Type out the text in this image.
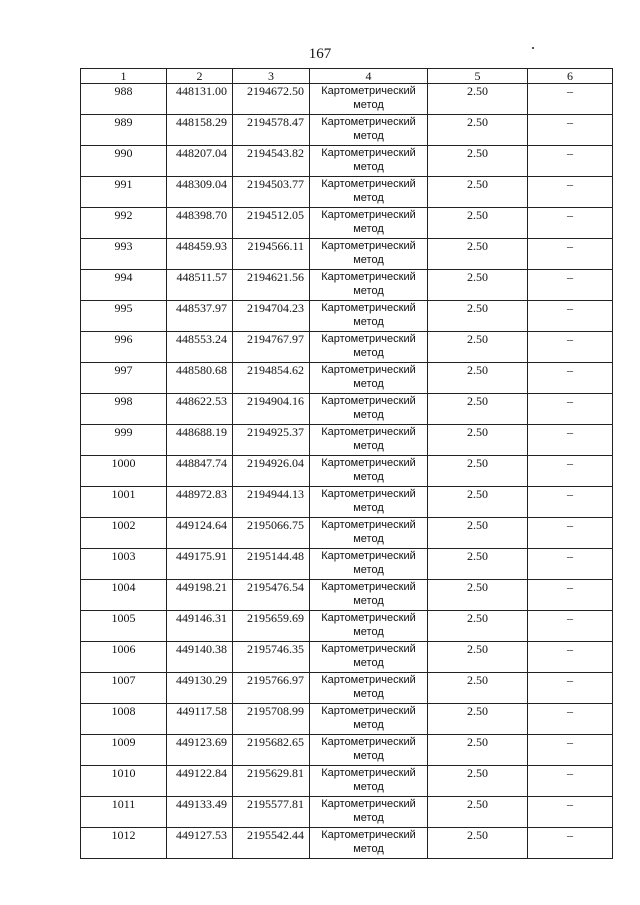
167
1	2	3	4	5	6
988	448131.00	2194672.50	Картометрический метод	2.50	–
989	448158.29	2194578.47	Картометрический метод	2.50	–
990	448207.04	2194543.82	Картометрический метод	2.50	–
991	448309.04	2194503.77	Картометрический метод	2.50	–
992	448398.70	2194512.05	Картометрический метод	2.50	–
993	448459.93	2194566.11	Картометрический метод	2.50	–
994	448511.57	2194621.56	Картометрический метод	2.50	–
995	448537.97	2194704.23	Картометрический метод	2.50	–
996	448553.24	2194767.97	Картометрический метод	2.50	–
997	448580.68	2194854.62	Картометрический метод	2.50	–
998	448622.53	2194904.16	Картометрический метод	2.50	–
999	448688.19	2194925.37	Картометрический метод	2.50	–
1000	448847.74	2194926.04	Картометрический метод	2.50	–
1001	448972.83	2194944.13	Картометрический метод	2.50	–
1002	449124.64	2195066.75	Картометрический метод	2.50	–
1003	449175.91	2195144.48	Картометрический метод	2.50	–
1004	449198.21	2195476.54	Картометрический метод	2.50	–
1005	449146.31	2195659.69	Картометрический метод	2.50	–
1006	449140.38	2195746.35	Картометрический метод	2.50	–
1007	449130.29	2195766.97	Картометрический метод	2.50	–
1008	449117.58	2195708.99	Картометрический метод	2.50	–
1009	449123.69	2195682.65	Картометрический метод	2.50	–
1010	449122.84	2195629.81	Картометрический метод	2.50	–
1011	449133.49	2195577.81	Картометрический метод	2.50	–
1012	449127.53	2195542.44	Картометрический метод	2.50	–
